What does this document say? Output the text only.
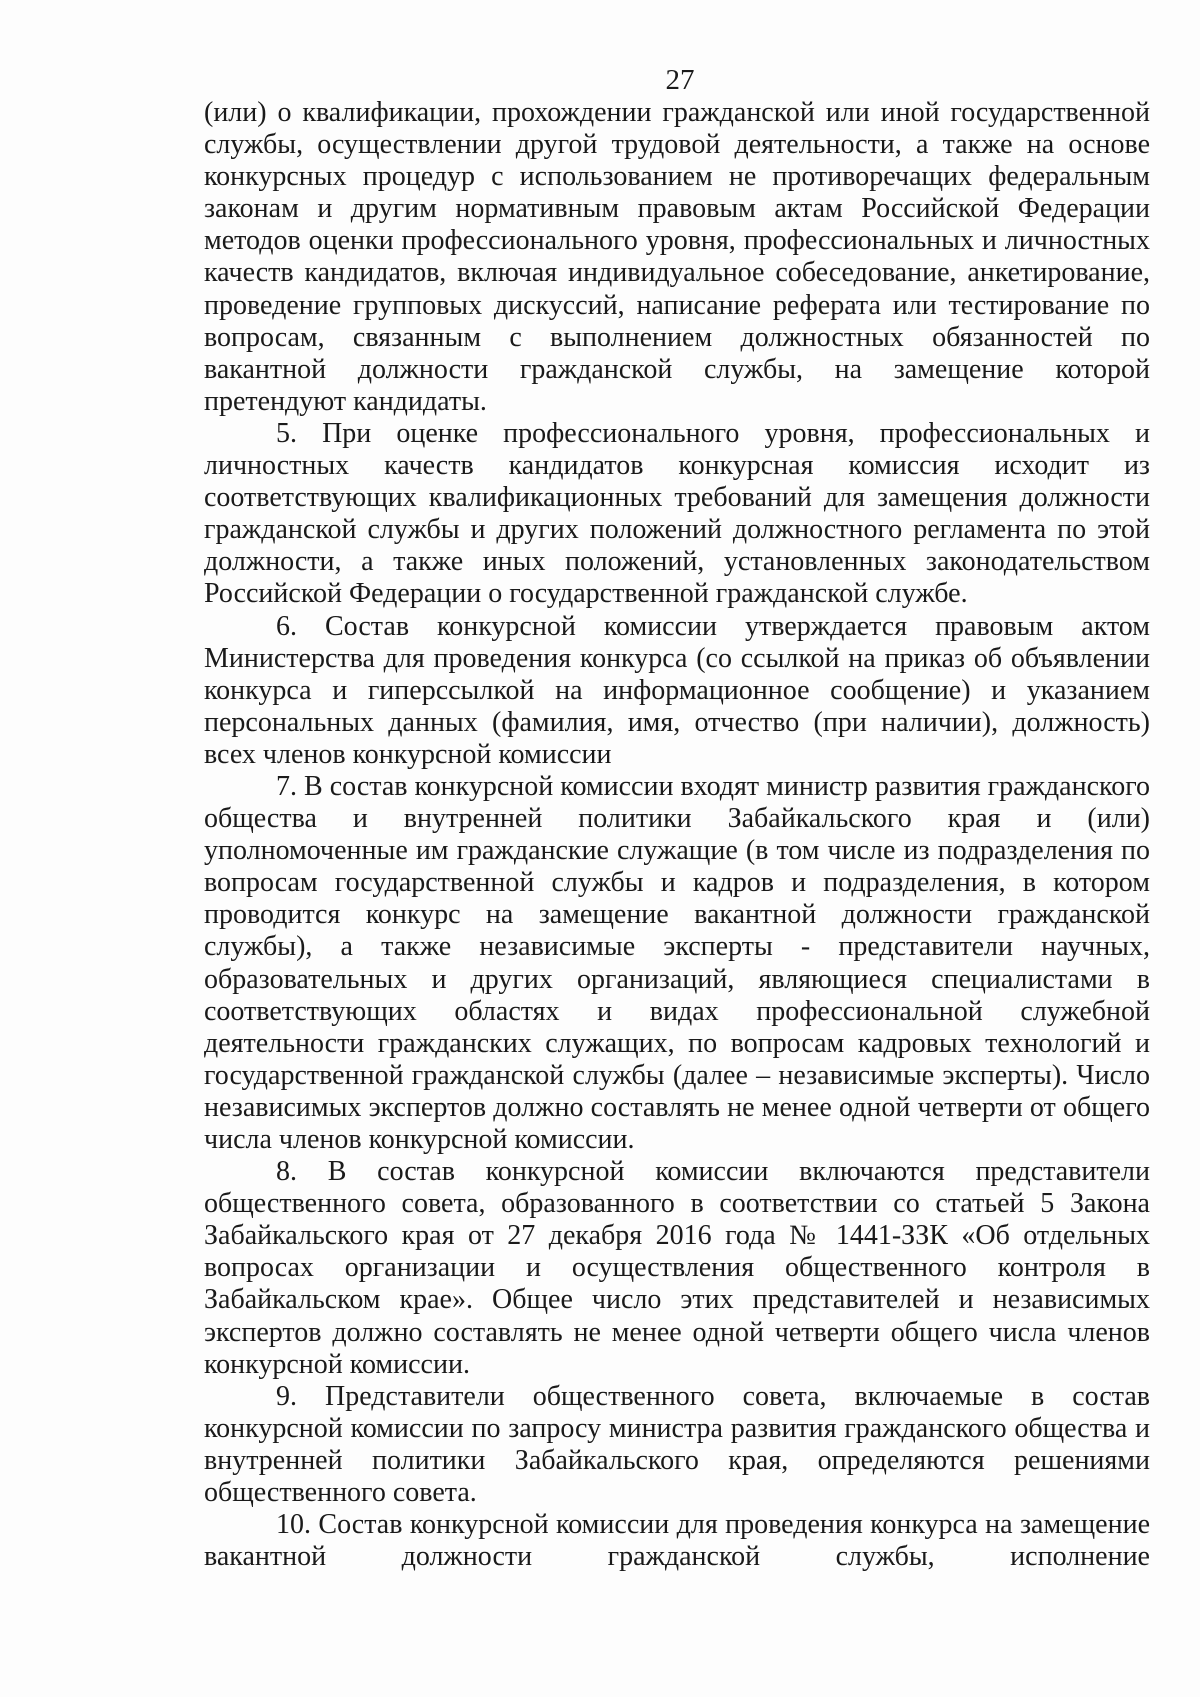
27

(или) о квалификации, прохождении гражданской или иной государственной службы, осуществлении другой трудовой деятельности, а также на основе конкурсных процедур с использованием не противоречащих федеральным законам и другим нормативным правовым актам Российской Федерации методов оценки профессионального уровня, профессиональных и личностных качеств кандидатов, включая индивидуальное собеседование, анкетирование, проведение групповых дискуссий, написание реферата или тестирование по вопросам, связанным с выполнением должностных обязанностей по вакантной должности гражданской службы, на замещение которой претендуют кандидаты.

5. При оценке профессионального уровня, профессиональных и личностных качеств кандидатов конкурсная комиссия исходит из соответствующих квалификационных требований для замещения должности гражданской службы и других положений должностного регламента по этой должности, а также иных положений, установленных законодательством Российской Федерации о государственной гражданской службе.

6. Состав конкурсной комиссии утверждается правовым актом Министерства для проведения конкурса (со ссылкой на приказ об объявлении конкурса и гиперссылкой на информационное сообщение) и указанием персональных данных (фамилия, имя, отчество (при наличии), должность) всех членов конкурсной комиссии

7. В состав конкурсной комиссии входят министр развития гражданского общества и внутренней политики Забайкальского края и (или) уполномоченные им гражданские служащие (в том числе из подразделения по вопросам государственной службы и кадров и подразделения, в котором проводится конкурс на замещение вакантной должности гражданской службы), а также независимые эксперты - представители научных, образовательных и других организаций, являющиеся специалистами в соответствующих областях и видах профессиональной служебной деятельности гражданских служащих, по вопросам кадровых технологий и государственной гражданской службы (далее – независимые эксперты). Число независимых экспертов должно составлять не менее одной четверти от общего числа членов конкурсной комиссии.

8. В состав конкурсной комиссии включаются представители общественного совета, образованного в соответствии со статьей 5 Закона Забайкальского края от 27 декабря 2016 года № 1441-ЗЗК «Об отдельных вопросах организации и осуществления общественного контроля в Забайкальском крае». Общее число этих представителей и независимых экспертов должно составлять не менее одной четверти общего числа членов конкурсной комиссии.

9. Представители общественного совета, включаемые в состав конкурсной комиссии по запросу министра развития гражданского общества и внутренней политики Забайкальского края, определяются решениями общественного совета.

10. Состав конкурсной комиссии для проведения конкурса на замещение вакантной должности гражданской службы, исполнение
